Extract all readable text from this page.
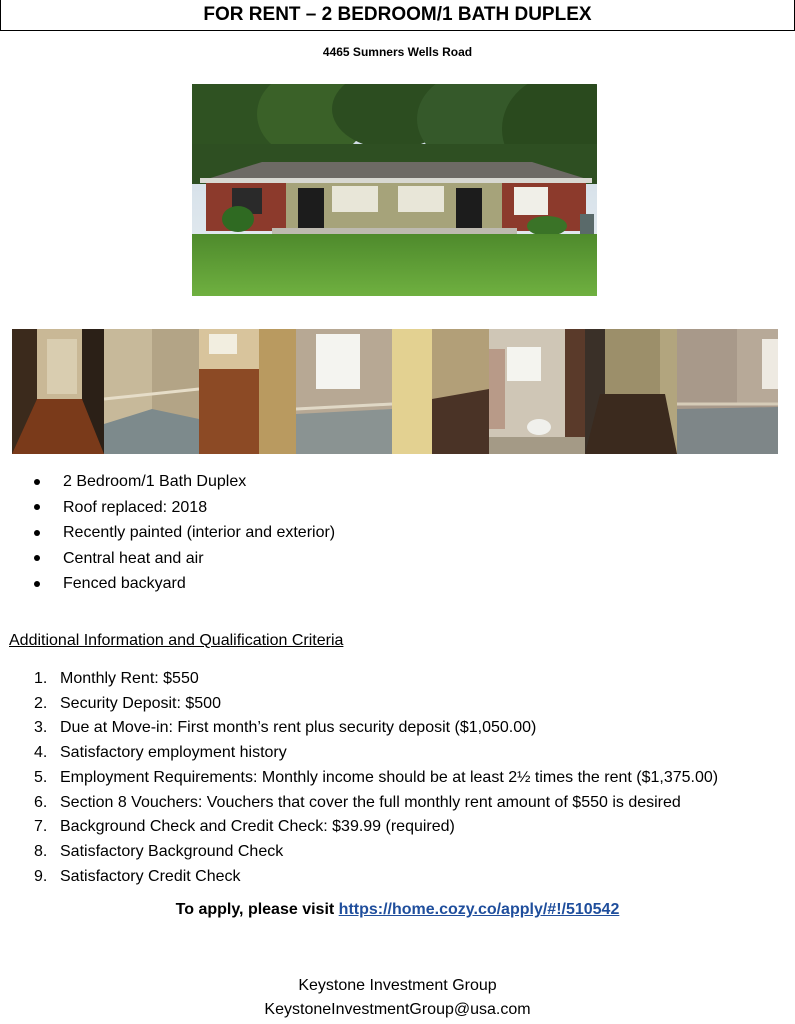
FOR RENT – 2 BEDROOM/1 BATH DUPLEX
4465 Sumners Wells Road
2 Bedroom/1 Bath Duplex
Roof replaced: 2018
Recently painted (interior and exterior)
Central heat and air
Fenced backyard
Additional Information and Qualification Criteria
1. Monthly Rent: $550
2. Security Deposit: $500
3. Due at Move-in: First month’s rent plus security deposit ($1,050.00)
4. Satisfactory employment history
5. Employment Requirements: Monthly income should be at least 2½ times the rent ($1,375.00)
6. Section 8 Vouchers: Vouchers that cover the full monthly rent amount of $550 is desired
7. Background Check and Credit Check: $39.99 (required)
8. Satisfactory Background Check
9. Satisfactory Credit Check
To apply, please visit https://home.cozy.co/apply/#!/510542
Keystone Investment Group
KeystoneInvestmentGroup@usa.com
